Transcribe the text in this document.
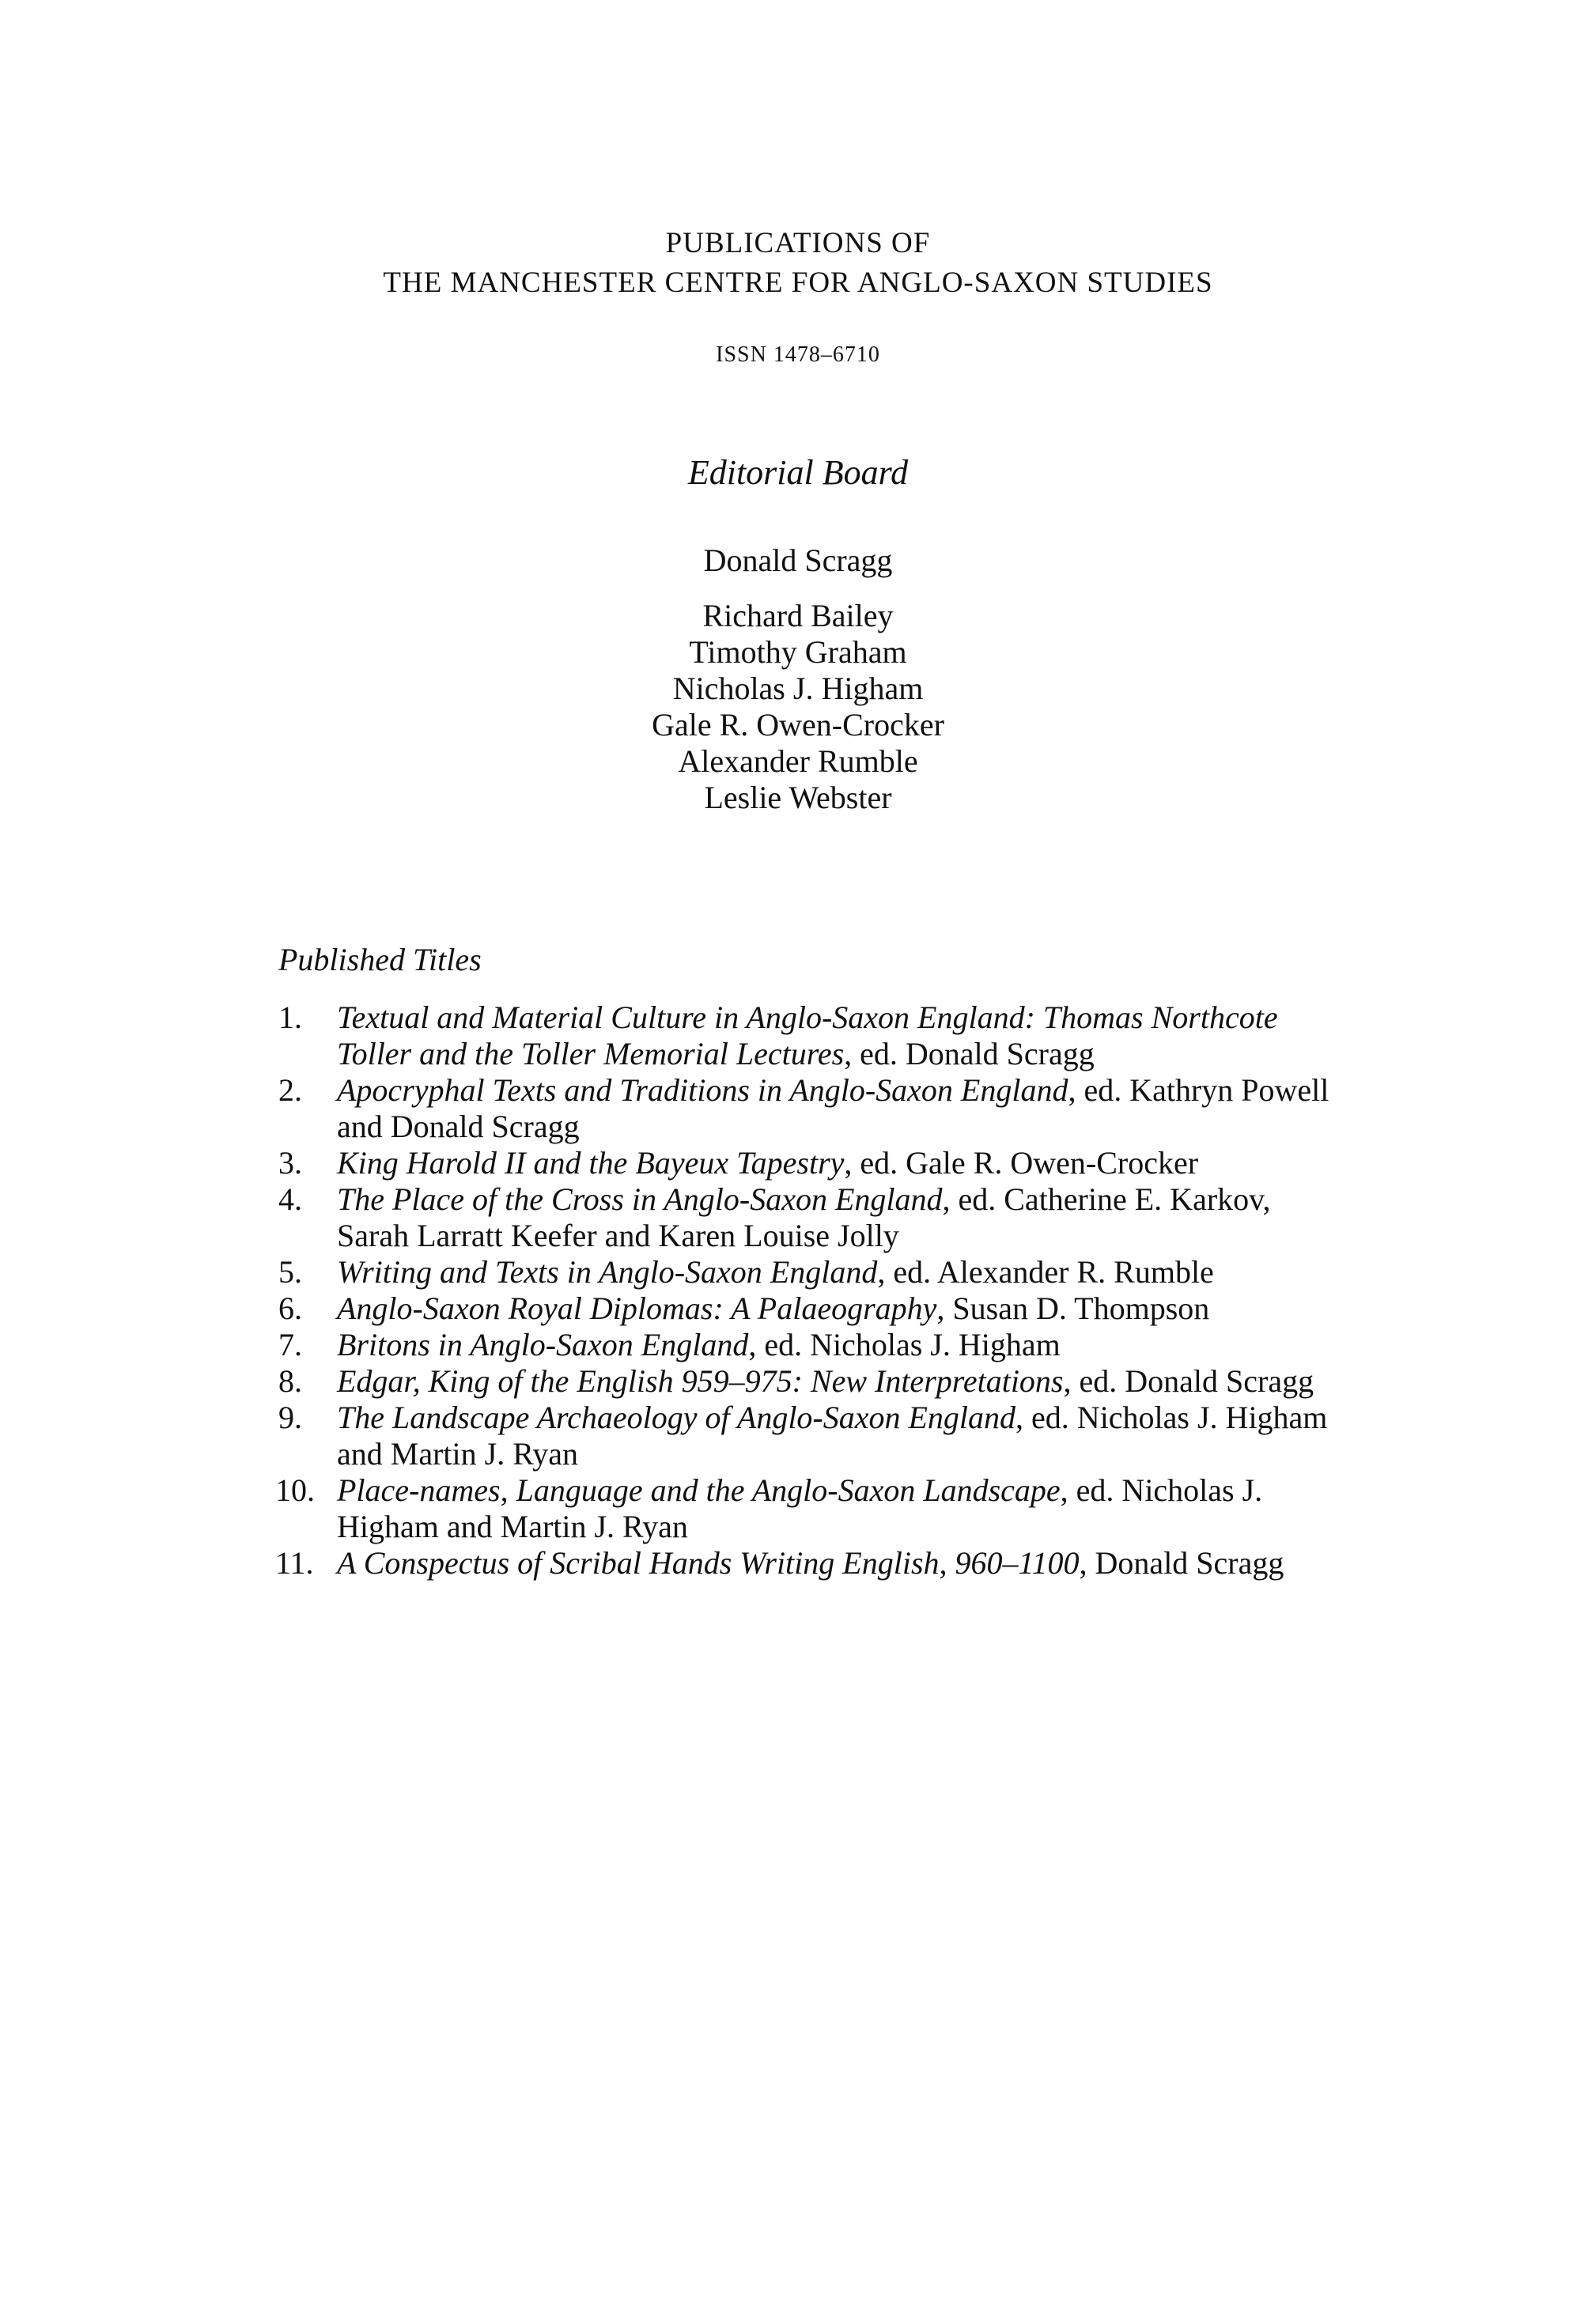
PUBLICATIONS OF
THE MANCHESTER CENTRE FOR ANGLO-SAXON STUDIES
ISSN 1478–6710
Editorial Board
Donald Scragg
Richard Bailey
Timothy Graham
Nicholas J. Higham
Gale R. Owen-Crocker
Alexander Rumble
Leslie Webster
Published Titles
1.	Textual and Material Culture in Anglo-Saxon England: Thomas Northcote Toller and the Toller Memorial Lectures, ed. Donald Scragg
2.	Apocryphal Texts and Traditions in Anglo-Saxon England, ed. Kathryn Powell and Donald Scragg
3.	King Harold II and the Bayeux Tapestry, ed. Gale R. Owen-Crocker
4.	The Place of the Cross in Anglo-Saxon England, ed. Catherine E. Karkov, Sarah Larratt Keefer and Karen Louise Jolly
5.	Writing and Texts in Anglo-Saxon England, ed. Alexander R. Rumble
6.	Anglo-Saxon Royal Diplomas: A Palaeography, Susan D. Thompson
7.	Britons in Anglo-Saxon England, ed. Nicholas J. Higham
8.	Edgar, King of the English 959–975: New Interpretations, ed. Donald Scragg
9.	The Landscape Archaeology of Anglo-Saxon England, ed. Nicholas J. Higham and Martin J. Ryan
10. Place-names, Language and the Anglo-Saxon Landscape, ed. Nicholas J. Higham and Martin J. Ryan
11. A Conspectus of Scribal Hands Writing English, 960–1100, Donald Scragg
